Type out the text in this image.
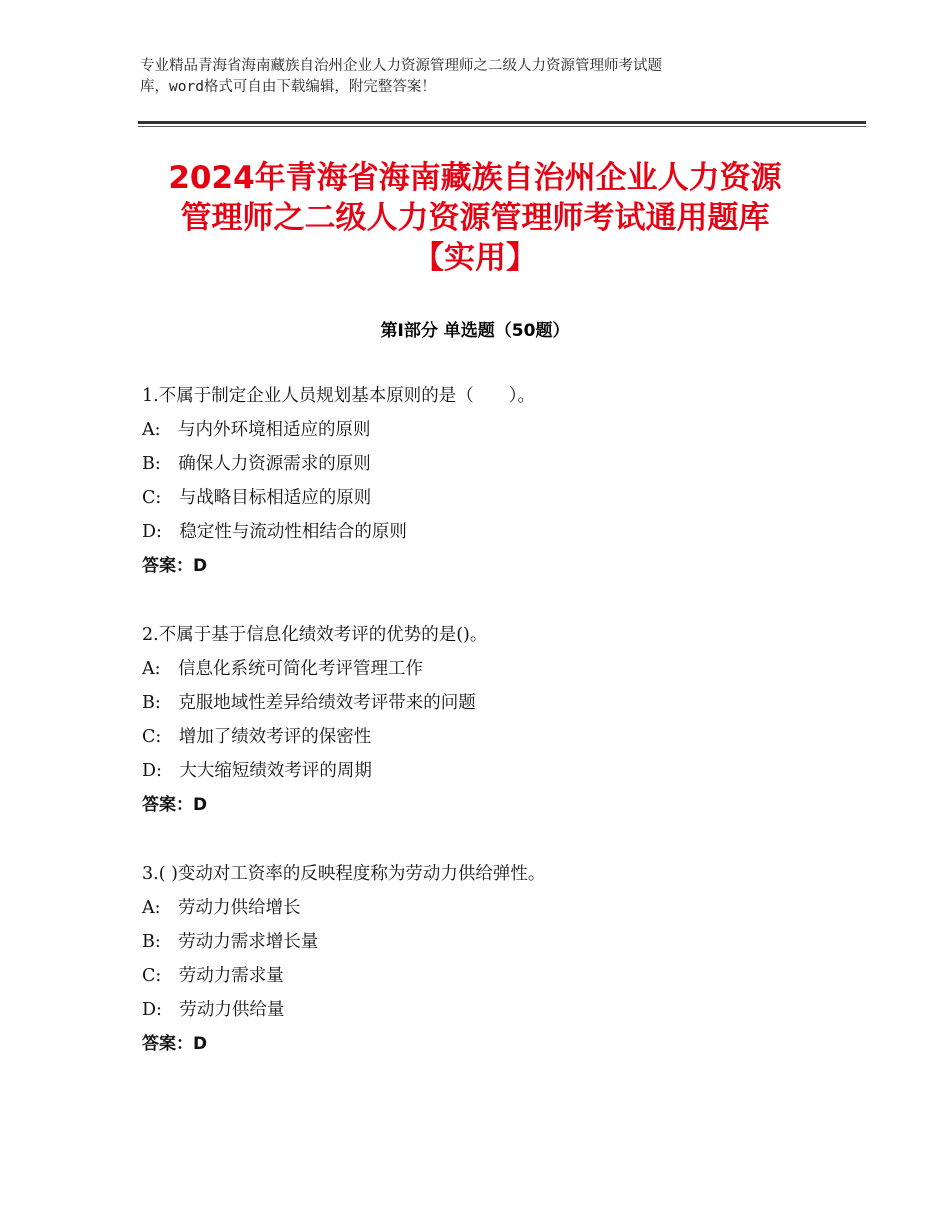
专业精品青海省海南藏族自治州企业人力资源管理师之二级人力资源管理师考试题
库，word格式可自由下载编辑，附完整答案！
2024年青海省海南藏族自治州企业人力资源
管理师之二级人力资源管理师考试通用题库
【实用】
第Ⅰ部分 单选题（50题）
1.不属于制定企业人员规划基本原则的是（　　）。
A:　与内外环境相适应的原则
B:　确保人力资源需求的原则
C:　与战略目标相适应的原则
D:　稳定性与流动性相结合的原则
答案：D
2.不属于基于信息化绩效考评的优势的是()。
A:　信息化系统可简化考评管理工作
B:　克服地域性差异给绩效考评带来的问题
C:　增加了绩效考评的保密性
D:　大大缩短绩效考评的周期
答案：D
3.( )变动对工资率的反映程度称为劳动力供给弹性。
A:　劳动力供给增长
B:　劳动力需求增长量
C:　劳动力需求量
D:　劳动力供给量
答案：D
